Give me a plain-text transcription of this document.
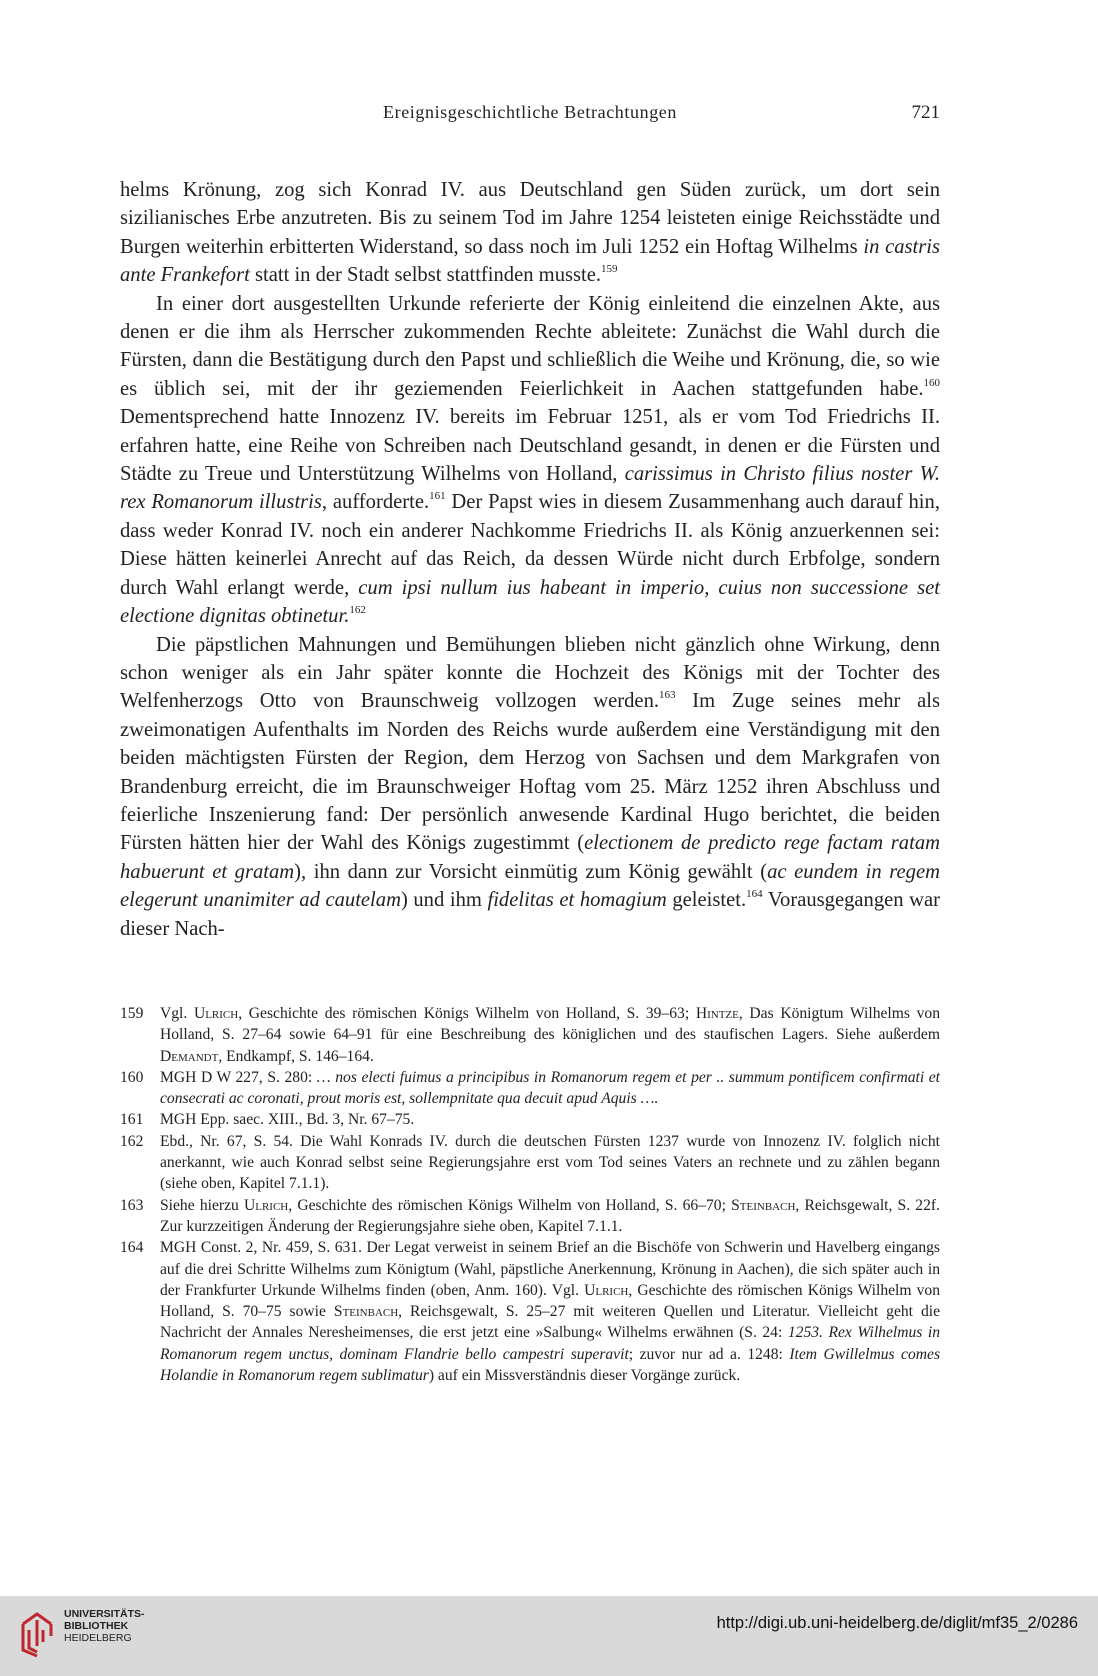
Ereignisgeschichtliche Betrachtungen	721

helms Krönung, zog sich Konrad IV. aus Deutschland gen Süden zurück, um dort sein sizilianisches Erbe anzutreten. Bis zu seinem Tod im Jahre 1254 leisteten einige Reichsstädte und Burgen weiterhin erbitterten Widerstand, so dass noch im Juli 1252 ein Hoftag Wilhelms in castris ante Frankefort statt in der Stadt selbst stattfinden musste.$^{159}$

In einer dort ausgestellten Urkunde referierte der König einleitend die einzelnen Akte, aus denen er die ihm als Herrscher zukommenden Rechte ableitete: Zunächst die Wahl durch die Fürsten, dann die Bestätigung durch den Papst und schließlich die Weihe und Krönung, die, so wie es üblich sei, mit der ihr geziemenden Feierlichkeit in Aachen stattgefunden habe.$^{160}$ Dementsprechend hatte Innozenz IV. bereits im Februar 1251, als er vom Tod Friedrichs II. erfahren hatte, eine Reihe von Schreiben nach Deutschland gesandt, in denen er die Fürsten und Städte zu Treue und Unterstützung Wilhelms von Holland, carissimus in Christo filius noster W. rex Romanorum illustris, aufforderte.$^{161}$ Der Papst wies in diesem Zusammenhang auch darauf hin, dass weder Konrad IV. noch ein anderer Nachkomme Friedrichs II. als König anzuerkennen sei: Diese hätten keinerlei Anrecht auf das Reich, da dessen Würde nicht durch Erbfolge, sondern durch Wahl erlangt werde, cum ipsi nullum ius habeant in imperio, cuius non successione set electione dignitas obtinetur.$^{162}$

Die päpstlichen Mahnungen und Bemühungen blieben nicht gänzlich ohne Wirkung, denn schon weniger als ein Jahr später konnte die Hochzeit des Königs mit der Tochter des Welfenherzogs Otto von Braunschweig vollzogen werden.$^{163}$ Im Zuge seines mehr als zweimonatigen Aufenthalts im Norden des Reichs wurde außerdem eine Verständigung mit den beiden mächtigsten Fürsten der Region, dem Herzog von Sachsen und dem Markgrafen von Brandenburg erreicht, die im Braunschweiger Hoftag vom 25. März 1252 ihren Abschluss und feierliche Inszenierung fand: Der persönlich anwesende Kardinal Hugo berichtet, die beiden Fürsten hätten hier der Wahl des Königs zugestimmt (electionem de predicto rege factam ratam habuerunt et gratam), ihn dann zur Vorsicht einmütig zum König gewählt (ac eundem in regem elegerunt unanimiter ad cautelam) und ihm fidelitas et homagium geleistet.$^{164}$ Vorausgegangen war dieser Nach-

159 Vgl. Ulrich, Geschichte des römischen Königs Wilhelm von Holland, S. 39–63; Hintze, Das Königtum Wilhelms von Holland, S. 27–64 sowie 64–91 für eine Beschreibung des königlichen und des staufischen Lagers. Siehe außerdem Demandt, Endkampf, S. 146–164.
160 MGH D W 227, S. 280: … nos electi fuimus a principibus in Romanorum regem et per .. summum pontificem confirmati et consecrati ac coronati, prout moris est, sollempnitate qua decuit apud Aquis ….
161 MGH Epp. saec. XIII., Bd. 3, Nr. 67–75.
162 Ebd., Nr. 67, S. 54. Die Wahl Konrads IV. durch die deutschen Fürsten 1237 wurde von Innozenz IV. folglich nicht anerkannt, wie auch Konrad selbst seine Regierungsjahre erst vom Tod seines Vaters an rechnete und zu zählen begann (siehe oben, Kapitel 7.1.1).
163 Siehe hierzu Ulrich, Geschichte des römischen Königs Wilhelm von Holland, S. 66–70; Steinbach, Reichsgewalt, S. 22f. Zur kurzzeitigen Änderung der Regierungsjahre siehe oben, Kapitel 7.1.1.
164 MGH Const. 2, Nr. 459, S. 631. Der Legat verweist in seinem Brief an die Bischöfe von Schwerin und Havelberg eingangs auf die drei Schritte Wilhelms zum Königtum (Wahl, päpstliche Anerkennung, Krönung in Aachen), die sich später auch in der Frankfurter Urkunde Wilhelms finden (oben, Anm. 160). Vgl. Ulrich, Geschichte des römischen Königs Wilhelm von Holland, S. 70–75 sowie Steinbach, Reichsgewalt, S. 25–27 mit weiteren Quellen und Literatur. Vielleicht geht die Nachricht der Annales Neresheimenses, die erst jetzt eine »Salbung« Wilhelms erwähnen (S. 24: 1253. Rex Wilhelmus in Romanorum regem unctus, dominam Flandrie bello campestri superavit; zuvor nur ad a. 1248: Item Gwillelmus comes Holandie in Romanorum regem sublimatur) auf ein Missverständnis dieser Vorgänge zurück.
UNIVERSITÄTS-
BIBLIOTHEK
HEIDELBERG
http://digi.ub.uni-heidelberg.de/diglit/mf35_2/0286
